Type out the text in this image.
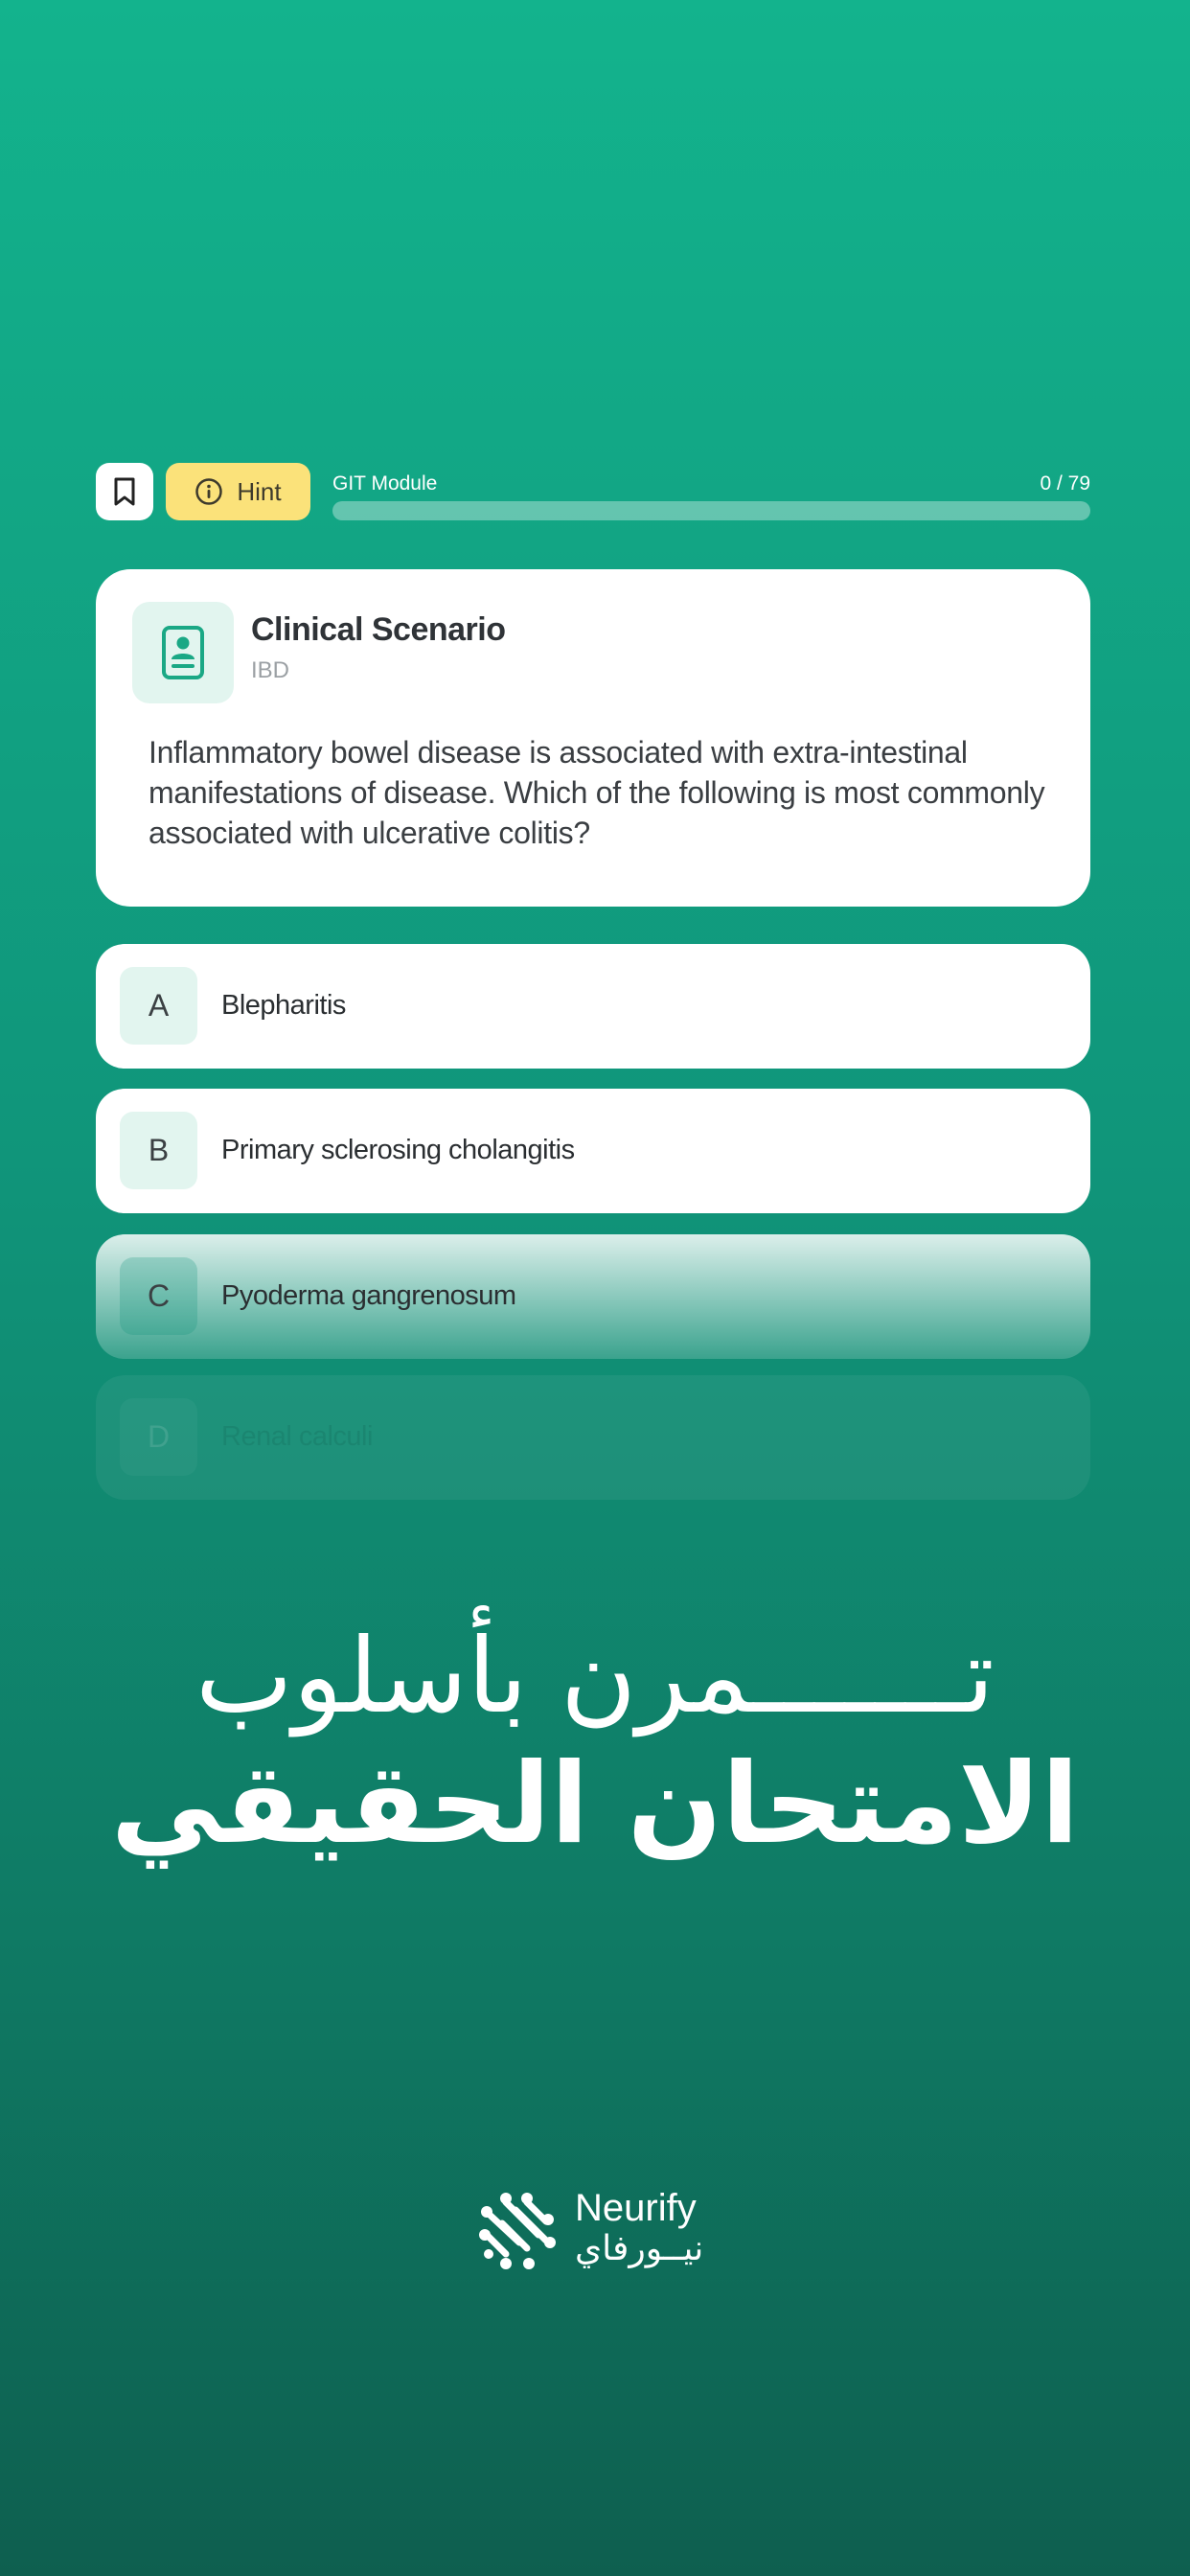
Hint	GIT Module	0 / 79
Clinical Scenario
IBD
Inflammatory bowel disease is associated with extra-intestinal manifestations of disease. Which of the following is most commonly associated with ulcerative colitis?
A	Blepharitis
B	Primary sclerosing cholangitis
C	Pyoderma gangrenosum
D	Renal calculi
تـــــــمرن بأسلوب
الامتحان الحقيقي
Neurify
نيــورفاي
